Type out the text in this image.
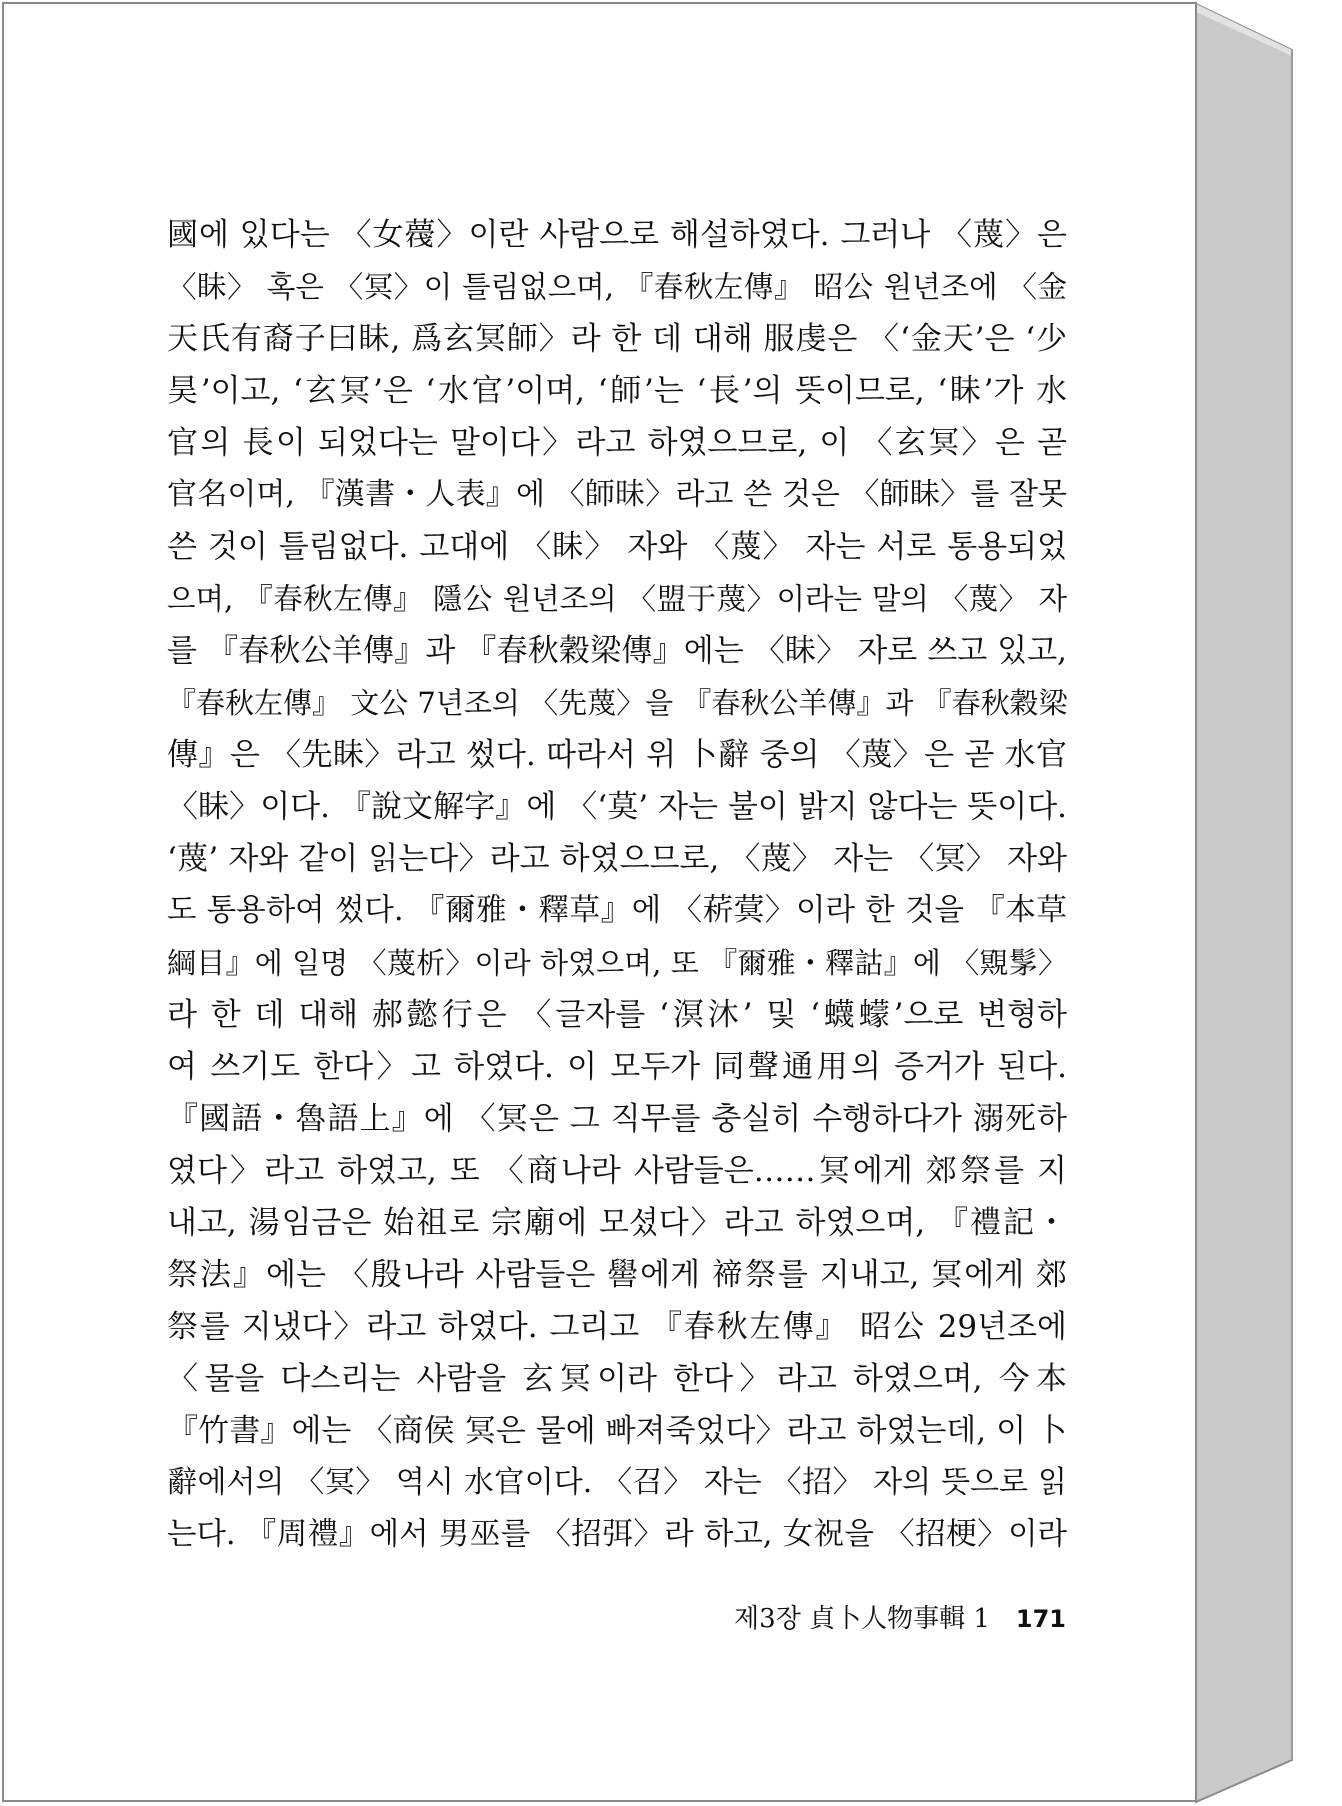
國에 있다는 〈女薎〉이란 사람으로 해설하였다. 그러나 〈蔑〉은
〈眛〉 혹은 〈冥〉이 틀림없으며, 『春秋左傳』 昭公 원년조에 〈金
天氏有裔子曰眛, 爲玄冥師〉라 한 데 대해 服虔은 〈‘金天’은 ‘少
昊’이고, ‘玄冥’은 ‘水官’이며, ‘師’는 ‘長’의 뜻이므로, ‘眛’가 水
官의 長이 되었다는 말이다〉라고 하였으므로, 이 〈玄冥〉은 곧
官名이며, 『漢書・人表』에 〈師昧〉라고 쓴 것은 〈師眛〉를 잘못
쓴 것이 틀림없다. 고대에 〈眛〉 자와 〈蔑〉 자는 서로 통용되었
으며, 『春秋左傳』 隱公 원년조의 〈盟于蔑〉이라는 말의 〈蔑〉 자
를 『春秋公羊傳』과 『春秋穀梁傳』에는 〈眛〉 자로 쓰고 있고,
『春秋左傳』 文公 7년조의 〈先蔑〉을 『春秋公羊傳』과 『春秋穀梁
傳』은 〈先眛〉라고 썼다. 따라서 위 卜辭 중의 〈蔑〉은 곧 水官
〈眛〉이다. 『說文解字』에 〈‘莫’ 자는 불이 밝지 않다는 뜻이다.
‘蔑’ 자와 같이 읽는다〉라고 하였으므로, 〈蔑〉 자는 〈冥〉 자와
도 통용하여 썼다. 『爾雅・釋草』에 〈菥蓂〉이라 한 것을 『本草
綱目』에 일명 〈蔑析〉이라 하였으며, 또 『爾雅・釋詁』에 〈覭髳〉
라 한 데 대해 郝懿行은 〈글자를 ‘溟沐’ 및 ‘蠛蠓’으로 변형하
여 쓰기도 한다〉고 하였다. 이 모두가 同聲通用의 증거가 된다.
『國語・魯語上』에 〈冥은 그 직무를 충실히 수행하다가 溺死하
였다〉라고 하였고, 또 〈商나라 사람들은……冥에게 郊祭를 지
내고, 湯임금은 始祖로 宗廟에 모셨다〉라고 하였으며, 『禮記・
祭法』에는 〈殷나라 사람들은 嚳에게 禘祭를 지내고, 冥에게 郊
祭를 지냈다〉라고 하였다. 그리고 『春秋左傳』 昭公 29년조에
〈물을 다스리는 사람을 玄冥이라 한다〉라고 하였으며, 今本
『竹書』에는 〈商侯 冥은 물에 빠져죽었다〉라고 하였는데, 이 卜
辭에서의 〈冥〉 역시 水官이다. 〈召〉 자는 〈招〉 자의 뜻으로 읽
는다. 『周禮』에서 男巫를 〈招弭〉라 하고, 女祝을 〈招梗〉이라
제3장 貞卜人物事輯 1 171
